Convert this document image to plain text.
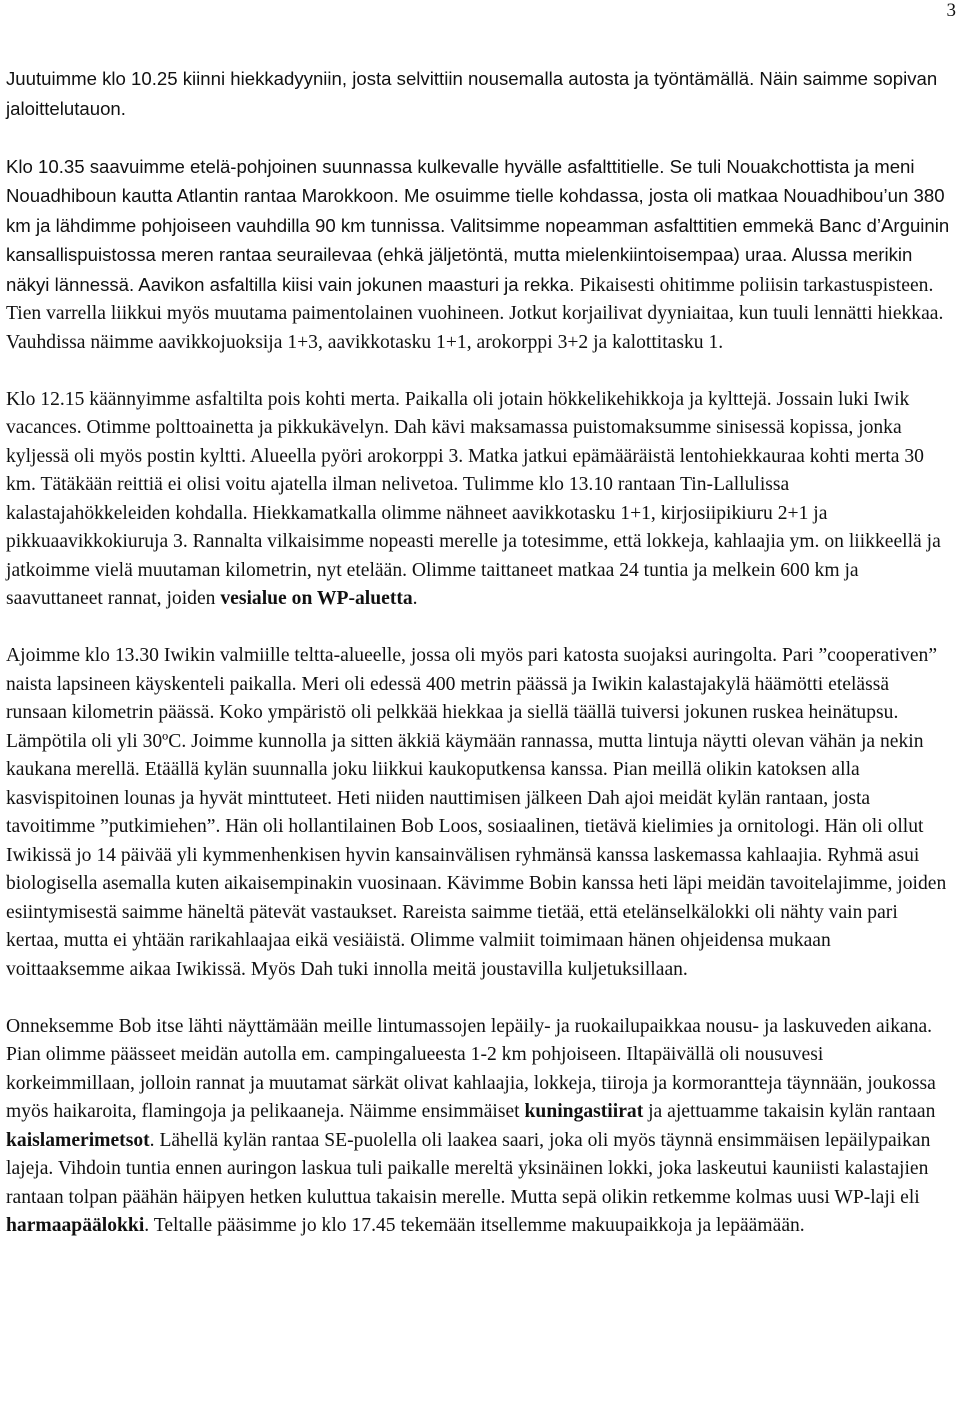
3

Juutuimme klo 10.25 kiinni hiekkadyyniin, josta selvittiin nousemalla autosta ja työntämällä. Näin saimme sopivan jaloittelutauon.

Klo 10.35 saavuimme etelä-pohjoinen suunnassa kulkevalle hyvälle asfalttitielle. Se tuli Nouakchottista ja meni Nouadhiboun kautta Atlantin rantaa Marokkoon. Me osuimme tielle kohdassa, josta oli matkaa Nouadhibou’un 380 km ja lähdimme pohjoiseen vauhdilla 90 km tunnissa. Valitsimme nopeamman asfalttitien emmekä Banc d’Arguinin kansallispuistossa meren rantaa seurailevaa (ehkä jäljetöntä, mutta mielenkiintoisempaa) uraa. Alussa merikin näkyi lännessä. Aavikon asfaltilla kiisi vain jokunen maasturi ja rekka. Pikaisesti ohitimme poliisin tarkastuspisteen. Tien varrella liikkui myös muutama paimentolainen vuohineen. Jotkut korjailivat dyyniaitaa, kun tuuli lennätti hiekkaa. Vauhdissa näimme aavikkojuoksija 1+3, aavikkotasku 1+1, arokorppi 3+2 ja kalottitasku 1.

Klo 12.15 käännyimme asfaltilta pois kohti merta. Paikalla oli jotain hökkelikehikkoja ja kylttejä. Jossain luki Iwik vacances. Otimme polttoainetta ja pikkukävelyn. Dah kävi maksamassa puistomaksumme sinisessä kopissa, jonka kyljessä oli myös postin kyltti. Alueella pyöri arokorppi 3. Matka jatkui epämääräistä lentohiekkauraa kohti merta 30 km. Tätäkään reittiä ei olisi voitu ajatella ilman nelivetoa. Tulimme klo 13.10 rantaan Tin-Lallulissa kalastajahökkeleiden kohdalla. Hiekkamatkalla olimme nähneet aavikkotasku 1+1, kirjosiipikiuru 2+1 ja pikkuaavikkokiuruja 3. Rannalta vilkaisimme nopeasti merelle ja totesimme, että lokkeja, kahlaajia ym. on liikkeellä ja jatkoimme vielä muutaman kilometrin, nyt etelään. Olimme taittaneet matkaa 24 tuntia ja melkein 600 km ja saavuttaneet rannat, joiden vesialue on WP-aluetta.

Ajoimme klo 13.30 Iwikin valmiille teltta-alueelle, jossa oli myös pari katosta suojaksi auringolta. Pari ”cooperativen” naista lapsineen käyskenteli paikalla. Meri oli edessä 400 metrin päässä ja Iwikin kalastajakylä häämötti etelässä runsaan kilometrin päässä. Koko ympäristö oli pelkkää hiekkaa ja siellä täällä tuiversi jokunen ruskea heinätupsu. Lämpötila oli yli 30ºC. Joimme kunnolla ja sitten äkkiä käymään rannassa, mutta lintuja näytti olevan vähän ja nekin kaukana merellä. Etäällä kylän suunnalla joku liikkui kaukoputkensa kanssa. Pian meillä olikin katoksen alla kasvispitoinen lounas ja hyvät minttuteet. Heti niiden nauttimisen jälkeen Dah ajoi meidät kylän rantaan, josta tavoitimme ”putkimiehen”. Hän oli hollantilainen Bob Loos, sosiaalinen, tietävä kielimies ja ornitologi. Hän oli ollut Iwikissä jo 14 päivää yli kymmenhenkisen hyvin kansainvälisen ryhmänsä kanssa laskemassa kahlaajia. Ryhmä asui biologisella asemalla kuten aikaisempinakin vuosinaan. Kävimme Bobin kanssa heti läpi meidän tavoitelajimme, joiden esiintymisestä saimme häneltä pätevät vastaukset. Rareista saimme tietää, että etelänselkälokki oli nähty vain pari kertaa, mutta ei yhtään rarikahlaajaa eikä vesiäistä. Olimme valmiit toimimaan hänen ohjeidensa mukaan voittaaksemme aikaa Iwikissä. Myös Dah tuki innolla meitä joustavilla kuljetuksillaan.

Onneksemme Bob itse lähti näyttämään meille lintumassojen lepäily- ja ruokailupaikkaa nousu- ja laskuveden aikana. Pian olimme päässeet meidän autolla em. campingalueesta 1-2 km pohjoiseen. Iltapäivällä oli nousuvesi korkeimmillaan, jolloin rannat ja muutamat särkät olivat kahlaajia, lokkeja, tiiroja ja kormorantteja täynnään, joukossa myös haikaroita, flamingoja ja pelikaaneja. Näimme ensimmäiset kuningastiirat ja ajettuamme takaisin kylän rantaan kaislamerimetsot. Lähellä kylän rantaa SE-puolella oli laakea saari, joka oli myös täynnä ensimmäisen lepäilypaikan lajeja. Vihdoin tuntia ennen auringon laskua tuli paikalle mereltä yksinäinen lokki, joka laskeutui kauniisti kalastajien rantaan tolpan päähän häipyen hetken kuluttua takaisin merelle. Mutta sepä olikin retkemme kolmas uusi WP-laji eli harmaapäälokki. Teltalle pääsimme jo klo 17.45 tekemään itsellemme makuupaikkoja ja lepäämään.
